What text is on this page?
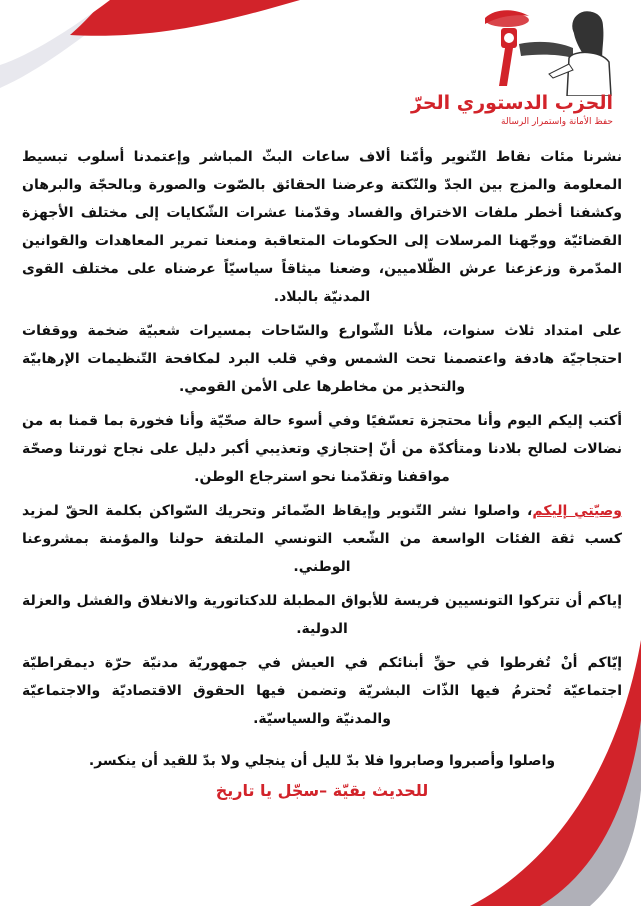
الحزب الدستوري الحرّ
حفظ الأمانة واستمرار الرسالة

نشرنا مئات نقاط التّنوير وأمّنا ألاف ساعات البثّ المباشر وإعتمدنا أسلوب تبسيط المعلومة والمزج بين الجدّ والنّكتة وعرضنا الحقائق بالصّوت والصورة وبالحجّة والبرهان وكشفنا أخطر ملفات الاختراق والفساد وقدّمنا عشرات الشّكايات إلى مختلف الأجهزة القضائيّة ووجّهنا المرسلات إلى الحكومات المتعاقبة ومنعنا تمرير المعاهدات والقوانين المدّمرة وزعزعنا عرش الظّلاميين، وضعنا ميثاقاً سياسيّاً عرضناه على مختلف القوى المدنيّة بالبلاد.

على امتداد ثلاث سنوات، ملأنا الشّوارع والسّاحات بمسيرات شعبيّة ضخمة ووقفات احتجاجيّة هادفة واعتصمنا تحت الشمس وفي قلب البرد لمكافحة التّنظيمات الإرهابيّة والتحذير من مخاطرها على الأمن القومي.

أكتب إليكم اليوم وأنا محتجزة تعسّفيًا وفي أسوء حالة صحّيّة وأنا فخورة بما قمنا به من نضالات لصالح بلادنا ومتأكدّة من أنّ إحتجازي وتعذيبي أكبر دليل على نجاح ثورتنا وصحّة مواقفنا وتقدّمنا نحو استرجاع الوطن.

وصيّتي إليكم، واصلوا نشر التّنوير وإيقاظ الضّمائر وتحريك السّواكن بكلمة الحقّ لمزيد كسب ثقة الفئات الواسعة من الشّعب التونسي الملتفة حولنا والمؤمنة بمشروعنا الوطني.

إياكم أن تتركوا التونسيين فريسة للأبواق المطبلة للدكتاتورية والانغلاق والفشل والعزلة الدولية.

إيّاكم أنْ تُفرطوا في حقِّ أبنائكم في العيش في جمهوريّة مدنيّة حرّة ديمقراطيّة اجتماعيّة تُحترمُ فيها الذّات البشريّة وتضمن فيها الحقوق الاقتصاديّة والاجتماعيّة والمدنيّة والسياسيّة.

واصلوا وأصبروا وصابروا فلا بدّ لليل أن ينجلي ولا بدّ للقيد أن ينكسر.

للحديث بقيّة –سجّل يا تاريخ
